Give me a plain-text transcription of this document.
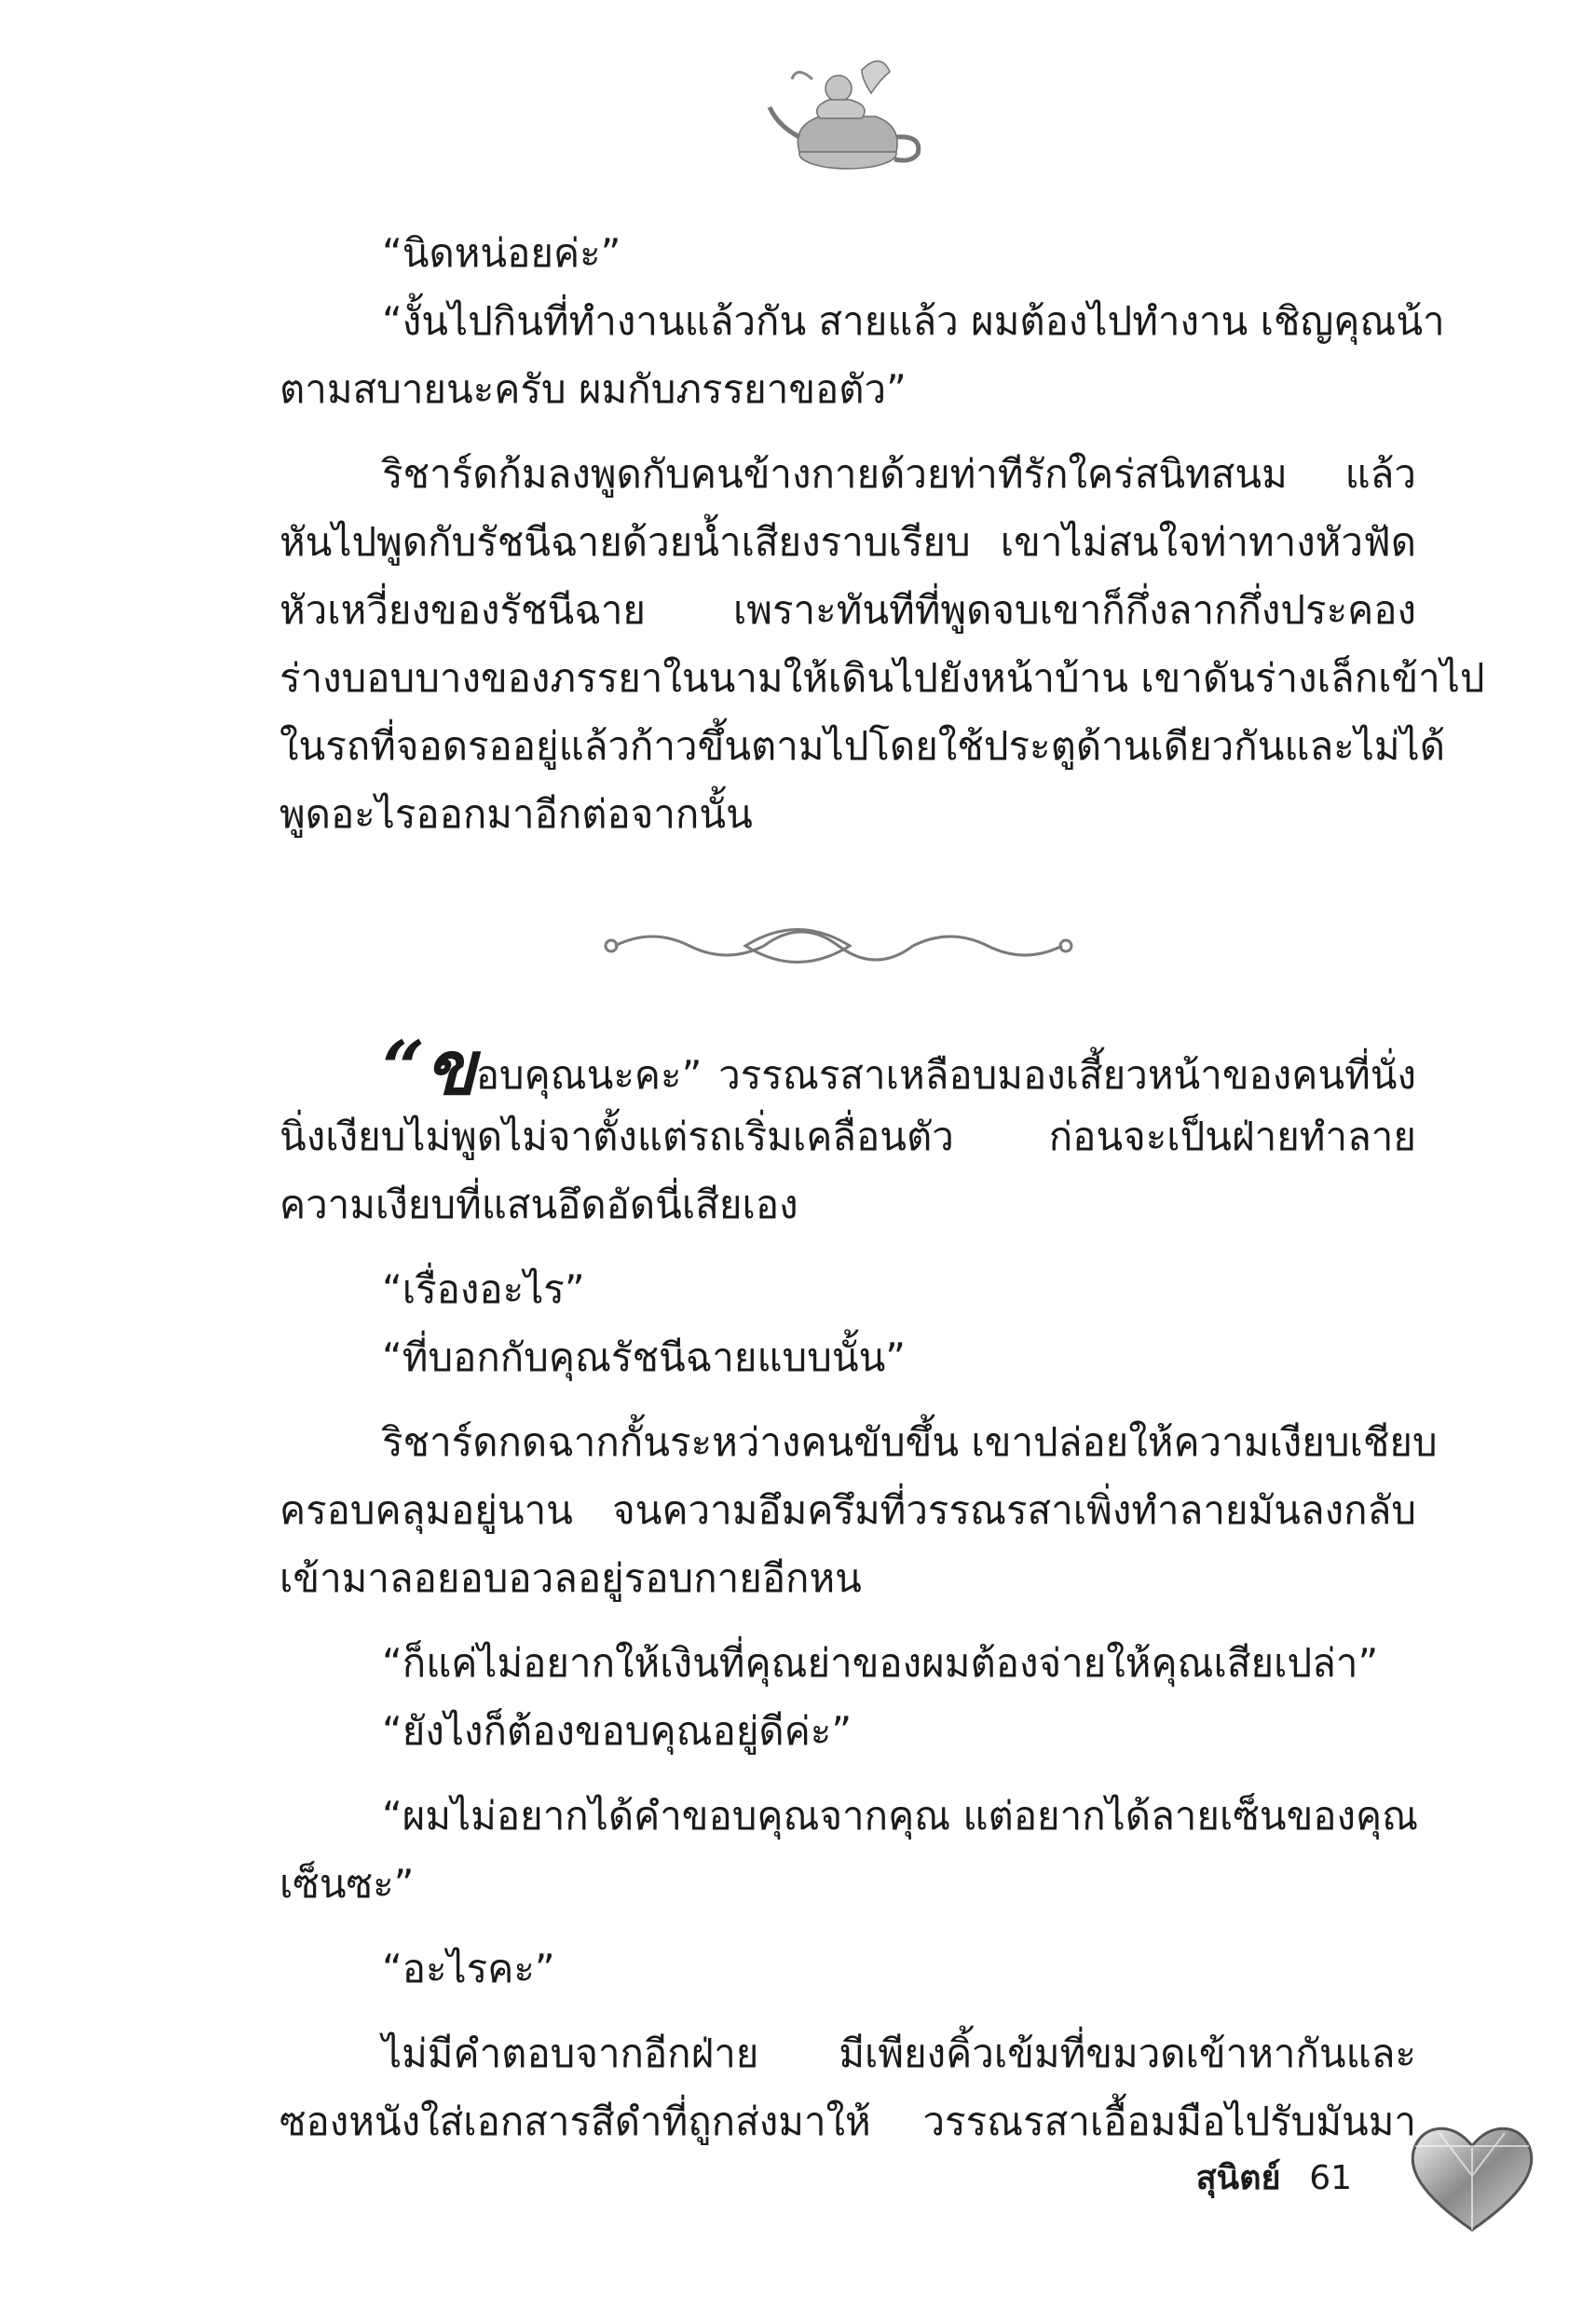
“นิดหน่อยค่ะ”

“งั้นไปกินที่ทำงานแล้วกัน สายแล้ว ผมต้องไปทำงาน เชิญคุณน้า

ตามสบายนะครับ ผมกับภรรยาขอตัว”

ริชาร์ดก้มลงพูดกับคนข้างกายด้วยท่าทีรักใคร่สนิทสนม แล้ว

หันไปพูดกับรัชนีฉายด้วยน้ำเสียงราบเรียบ เขาไม่สนใจท่าทางหัวฟัด

หัวเหวี่ยงของรัชนีฉาย เพราะทันทีที่พูดจบเขาก็กึ่งลากกึ่งประคอง

ร่างบอบบางของภรรยาในนามให้เดินไปยังหน้าบ้าน เขาดันร่างเล็กเข้าไป

ในรถที่จอดรออยู่แล้วก้าวขึ้นตามไปโดยใช้ประตูด้านเดียวกันและไม่ได้

พูดอะไรออกมาอีกต่อจากนั้น

“ขอบคุณนะคะ” วรรณรสาเหลือบมองเสี้ยวหน้าของคนที่นั่ง

นิ่งเงียบไม่พูดไม่จาตั้งแต่รถเริ่มเคลื่อนตัว ก่อนจะเป็นฝ่ายทำลาย

ความเงียบที่แสนอึดอัดนี่เสียเอง

“เรื่องอะไร”

“ที่บอกกับคุณรัชนีฉายแบบนั้น”

ริชาร์ดกดฉากกั้นระหว่างคนขับขึ้น เขาปล่อยให้ความเงียบเชียบ

ครอบคลุมอยู่นาน จนความอึมครึมที่วรรณรสาเพิ่งทำลายมันลงกลับ

เข้ามาลอยอบอวลอยู่รอบกายอีกหน

“ก็แค่ไม่อยากให้เงินที่คุณย่าของผมต้องจ่ายให้คุณเสียเปล่า”

“ยังไงก็ต้องขอบคุณอยู่ดีค่ะ”

“ผมไม่อยากได้คำขอบคุณจากคุณ แต่อยากได้ลายเซ็นของคุณ

เซ็นซะ”

“อะไรคะ”

ไม่มีคำตอบจากอีกฝ่าย มีเพียงคิ้วเข้มที่ขมวดเข้าหากันและ

ซองหนังใส่เอกสารสีดำที่ถูกส่งมาให้ วรรณรสาเอื้อมมือไปรับมันมา

สุนิตย์ 61
